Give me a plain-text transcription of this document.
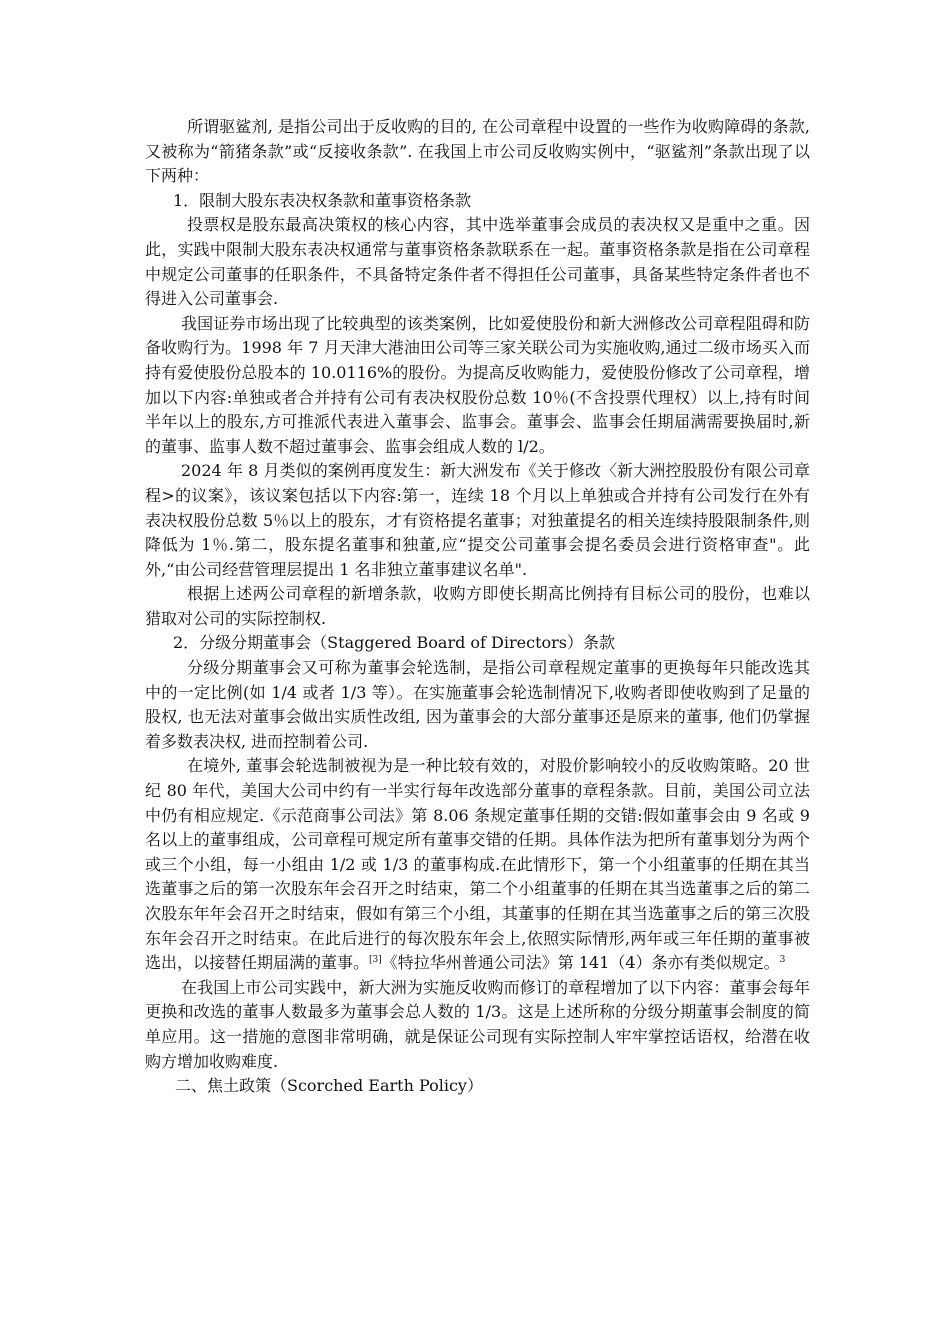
所谓驱鲨剂, 是指公司出于反收购的目的, 在公司章程中设置的一些作为收购障碍的条款, 又被称为“箭猪条款”或“反接收条款”. 在我国上市公司反收购实例中，“驱鲨剂”条款出现了以下两种：

1．限制大股东表决权条款和董事资格条款

投票权是股东最高决策权的核心内容，其中选举董事会成员的表决权又是重中之重。因此，实践中限制大股东表决权通常与董事资格条款联系在一起。董事资格条款是指在公司章程中规定公司董事的任职条件，不具备特定条件者不得担任公司董事，具备某些特定条件者也不得进入公司董事会.

我国证券市场出现了比较典型的该类案例，比如爱使股份和新大洲修改公司章程阻碍和防备收购行为。1998 年 7 月天津大港油田公司等三家关联公司为实施收购,通过二级市场买入而持有爱使股份总股本的 10.0116%的股份。为提高反收购能力，爱使股份修改了公司章程，增加以下内容:单独或者合并持有公司有表决权股份总数 10％(不含投票代理权）以上,持有时间半年以上的股东,方可推派代表进入董事会、监事会。董事会、监事会任期届满需要换届时,新的董事、监事人数不超过董事会、监事会组成人数的 l/2。

2024 年 8 月类似的案例再度发生：新大洲发布《关于修改〈新大洲控股股份有限公司章程>的议案》，该议案包括以下内容:第一，连续 18 个月以上单独或合并持有公司发行在外有表决权股份总数 5％以上的股东，才有资格提名董事；对独董提名的相关连续持股限制条件,则降低为 1％.第二，股东提名董事和独董,应“提交公司董事会提名委员会进行资格审查"。此外,“由公司经营管理层提出 1 名非独立董事建议名单".

根据上述两公司章程的新增条款，收购方即使长期高比例持有目标公司的股份，也难以猎取对公司的实际控制权.

2．分级分期董事会（Staggered Board of Directors）条款

分级分期董事会又可称为董事会轮选制，是指公司章程规定董事的更换每年只能改选其中的一定比例(如 1/4 或者 1/3 等）。在实施董事会轮选制情况下,收购者即使收购到了足量的股权, 也无法对董事会做出实质性改组, 因为董事会的大部分董事还是原来的董事, 他们仍掌握着多数表决权, 进而控制着公司.

在境外, 董事会轮选制被视为是一种比较有效的，对股价影响较小的反收购策略。20 世纪 80 年代，美国大公司中约有一半实行每年改选部分董事的章程条款。目前，美国公司立法中仍有相应规定.《示范商事公司法》第 8.06 条规定董事任期的交错:假如董事会由 9 名或 9 名以上的董事组成，公司章程可规定所有董事交错的任期。具体作法为把所有董事划分为两个或三个小组，每一小组由 1/2 或 1/3 的董事构成.在此情形下，第一个小组董事的任期在其当选董事之后的第一次股东年会召开之时结束，第二个小组董事的任期在其当选董事之后的第二次股东年年会召开之时结束，假如有第三个小组，其董事的任期在其当选董事之后的第三次股东年会召开之时结束。在此后进行的每次股东年会上,依照实际情形,两年或三年任期的董事被选出，以接替任期届满的董事。[3]《特拉华州普通公司法》第 141（4）条亦有类似规定。$^3$

在我国上市公司实践中，新大洲为实施反收购而修订的章程增加了以下内容：董事会每年更换和改选的董事人数最多为董事会总人数的 1/3。这是上述所称的分级分期董事会制度的简单应用。这一措施的意图非常明确，就是保证公司现有实际控制人牢牢掌控话语权，给潜在收购方增加收购难度.

二、焦土政策（Scorched Earth Policy）
